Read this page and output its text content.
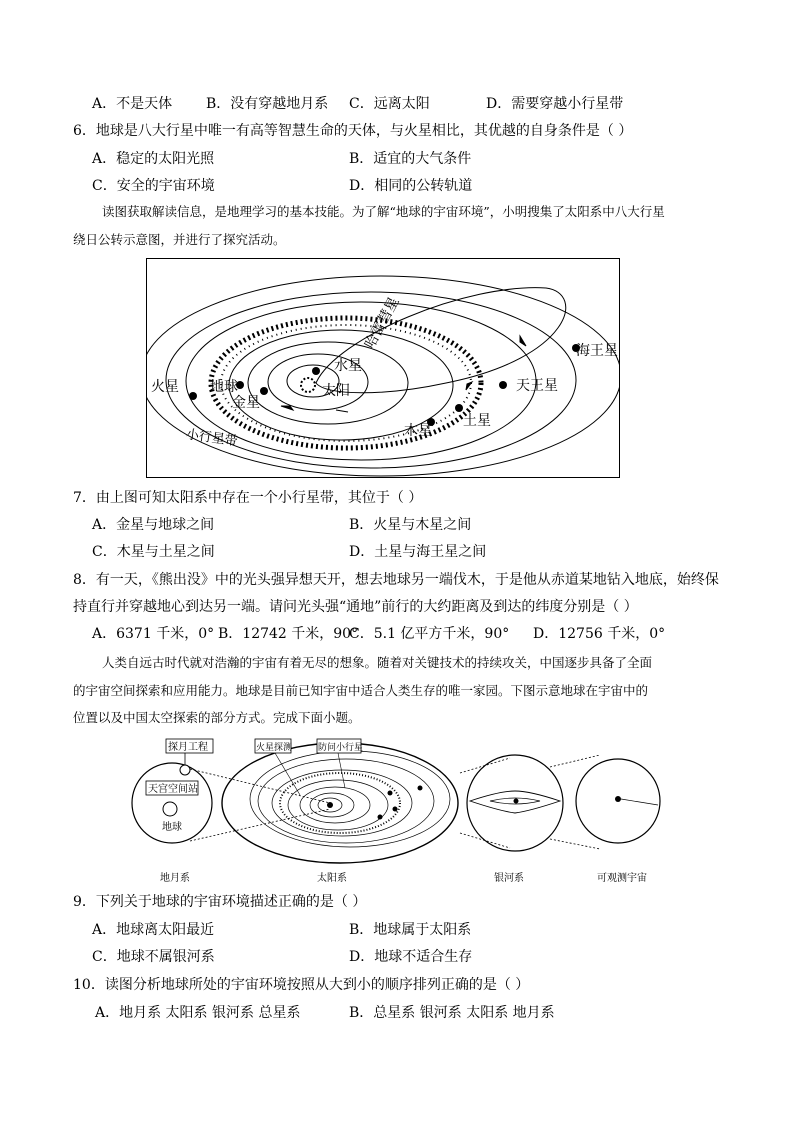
A．不是天体 B．没有穿越地月系 C．远离太阳	D．需要穿越小行星带
6．地球是八大行星中唯一有高等智慧生命的天体，与火星相比，其优越的自身条件是（ ）
A．稳定的太阳光照	B．适宜的大气条件
C．安全的宇宙环境	D．相同的公转轨道
读图获取解读信息，是地理学习的基本技能。为了解“地球的宇宙环境”，小明搜集了太阳系中八大行星
绕日公转示意图，并进行了探究活动。
哈雷彗星
水星
太阳
火星 地球
金星
小行星带	木星
土星
天王星
海王星
7．由上图可知太阳系中存在一个小行星带，其位于（ ）
A．金星与地球之间	B．火星与木星之间
C．木星与土星之间	D．土星与海王星之间
8．有一天，《熊出没》中的光头强异想天开，想去地球另一端伐木，于是他从赤道某地钻入地底，始终保
持直行并穿越地心到达另一端。请问光头强“通地”前行的大约距离及到达的纬度分别是（ ）
A．6371 千米，0° B．12742 千米，90°
C．5.1 亿平方千米，90° D．12756 千米，0°
人类自远古时代就对浩瀚的宇宙有着无尽的想象。随着对关键技术的持续攻关，中国逐步具备了全面
的宇宙空间探索和应用能力。地球是目前已知宇宙中适合人类生存的唯一家园。下图示意地球在宇宙中的
位置以及中国太空探索的部分方式。完成下面小题。
探月工程
天宫空间站
地球
火星探测	防问小行星
地月系	太阳系	银河系	可观测宇宙
9．下列关于地球的宇宙环境描述正确的是（ ）
A．地球离太阳最近	B．地球属于太阳系
C．地球不属银河系	D．地球不适合生存
10．读图分析地球所处的宇宙环境按照从大到小的顺序排列正确的是（ ）
A．地月系 太阳系 银河系 总星系	B．总星系 银河系 太阳系 地月系
